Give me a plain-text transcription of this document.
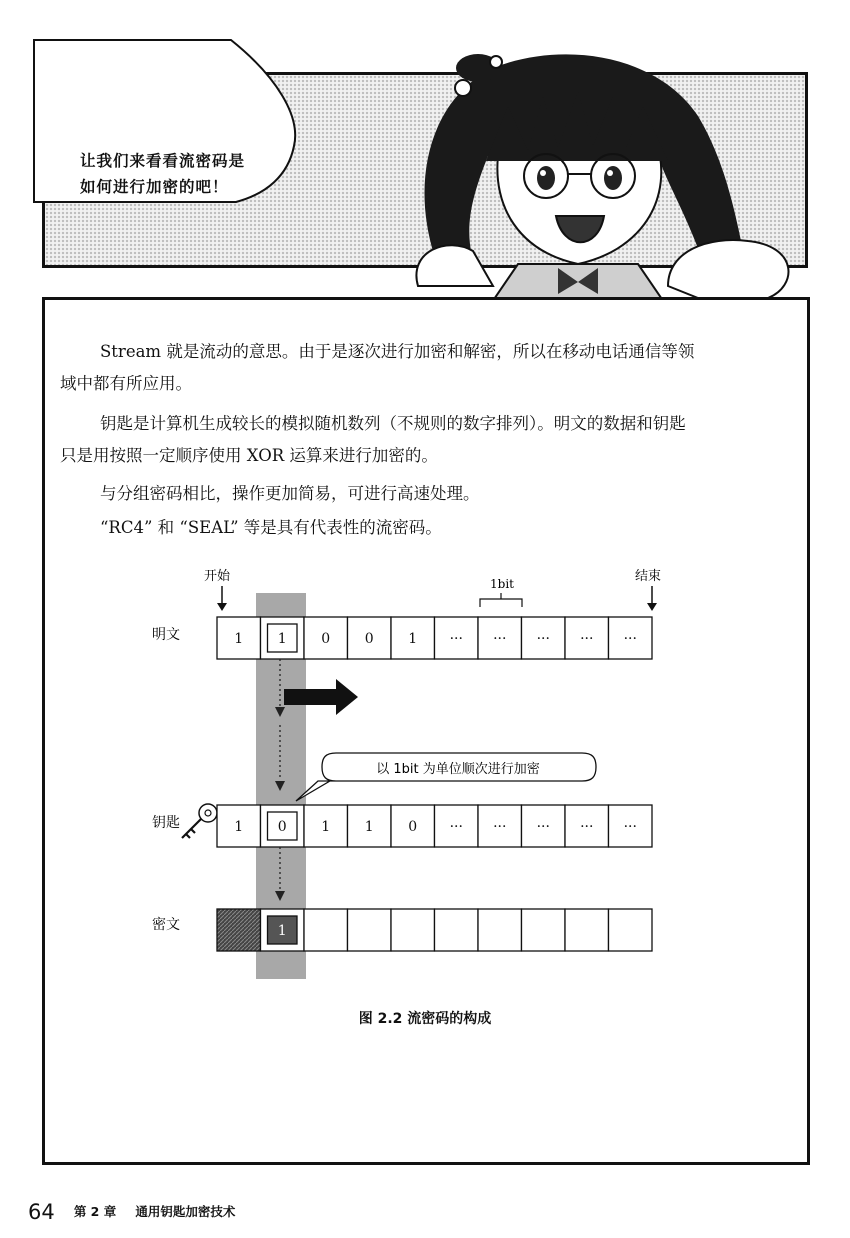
让我们来看看流密码是
如何进行加密的吧！
Stream 就是流动的意思。由于是逐次进行加密和解密，所以在移动电话通信等领
域中都有所应用。
钥匙是计算机生成较长的模拟随机数列（不规则的数字排列）。明文的数据和钥匙
只是用按照一定顺序使用 XOR 运算来进行加密的。
与分组密码相比，操作更加简易，可进行高速处理。
“RC4” 和 “SEAL” 等是具有代表性的流密码。
开始	结束
1bit
明文
钥匙
密文
1 1 0 0 1 ··· ··· ··· ··· ···
1 0 1 1 0 ··· ··· ··· ··· ···
1
以 1bit 为单位顺次进行加密
图 2.2 流密码的构成
64 第 2 章 通用钥匙加密技术
